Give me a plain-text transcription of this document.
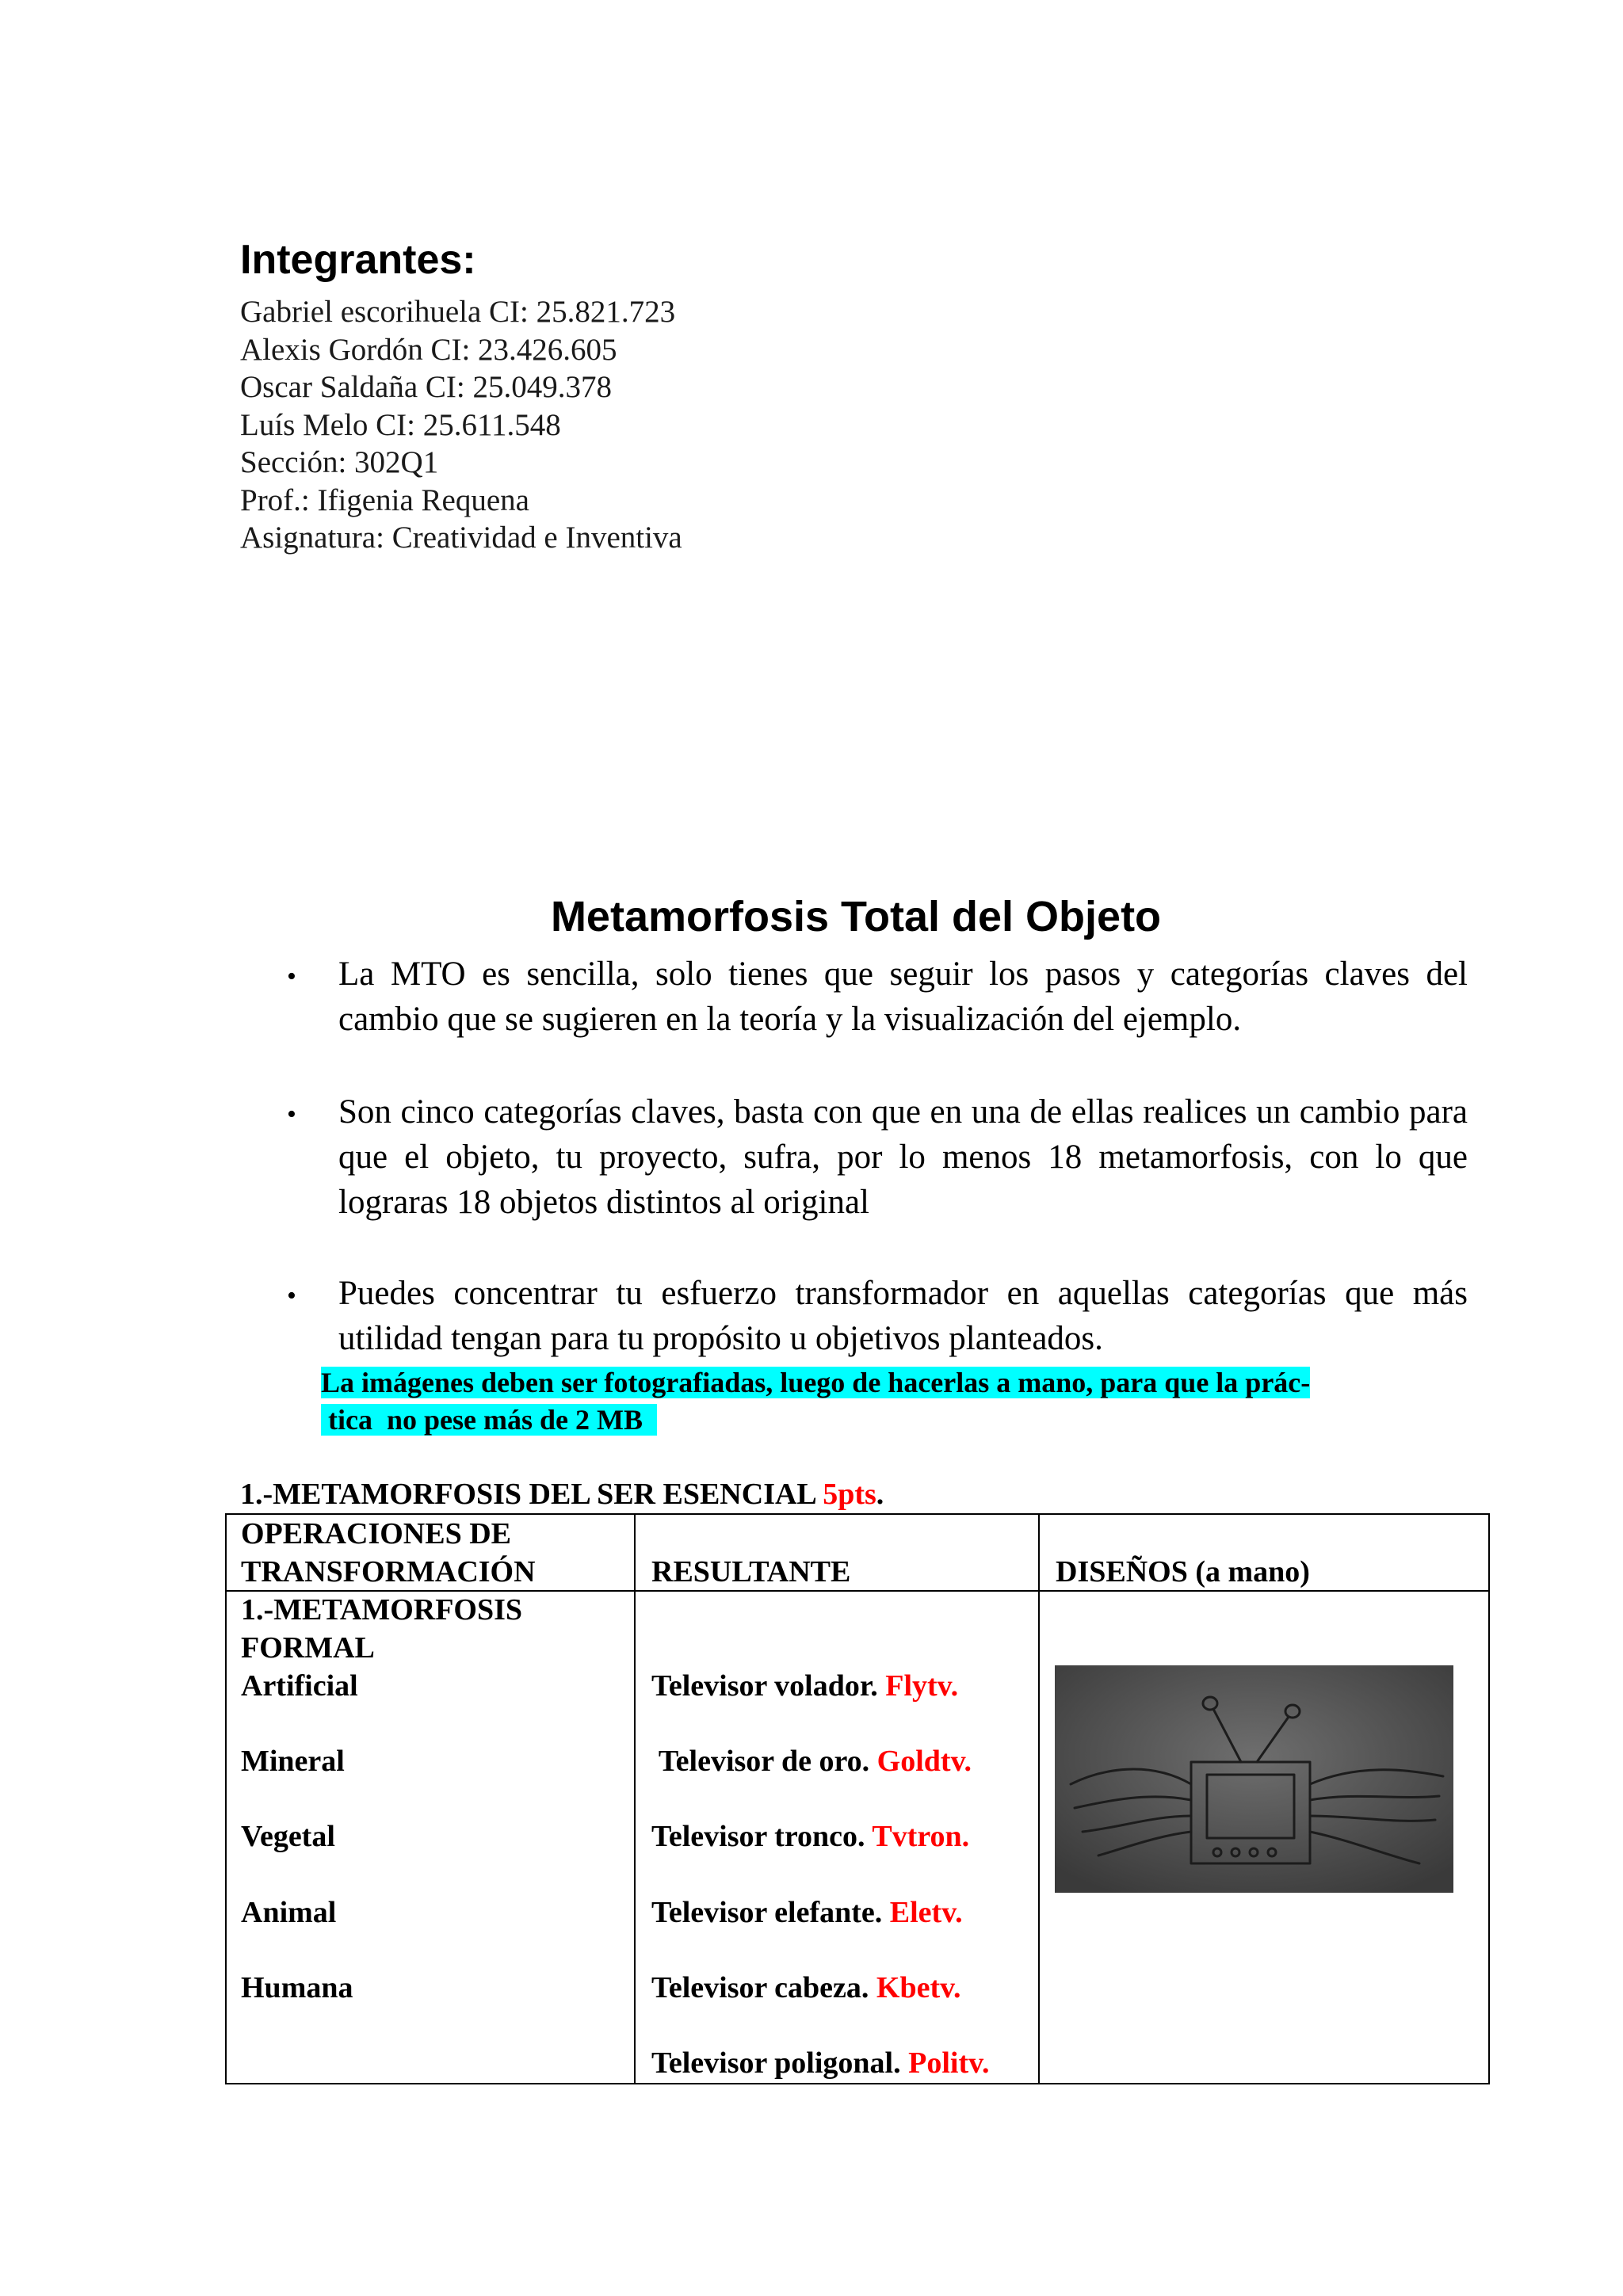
Integrantes:
Gabriel escorihuela CI: 25.821.723
Alexis Gordón CI: 23.426.605
Oscar Saldaña CI: 25.049.378
Luís Melo CI: 25.611.548
Sección: 302Q1
Prof.: Ifigenia Requena
Asignatura: Creatividad e Inventiva
Metamorfosis Total del Objeto
• La MTO es sencilla, solo tienes que seguir los pasos y categorías claves del cambio que se sugieren en la teoría y la visualización del ejemplo.

• Son cinco categorías claves, basta con que en una de ellas realices un cambio para que el objeto, tu proyecto, sufra, por lo menos 18 metamorfosis, con lo que lograras 18 objetos distintos al original

• Puedes concentrar tu esfuerzo transformador en aquellas categorías que más utilidad tengan para tu propósito u objetivos planteados.

La imágenes deben ser fotografiadas, luego de hacerlas a mano, para que la prác-
tica  no pese más de 2 MB
1.-METAMORFOSIS DEL SER ESENCIAL 5pts.
OPERACIONES DE
TRANSFORMACIÓN	RESULTANTE	DISEÑOS (a mano)
1.-METAMORFOSIS
FORMAL
Artificial
Mineral
Vegetal
Animal
Humana
Televisor volador. Flytv.
Televisor de oro. Goldtv.
Televisor tronco. Tvtron.
Televisor elefante. Eletv.
Televisor cabeza. Kbetv.
Televisor poligonal. Politv.
